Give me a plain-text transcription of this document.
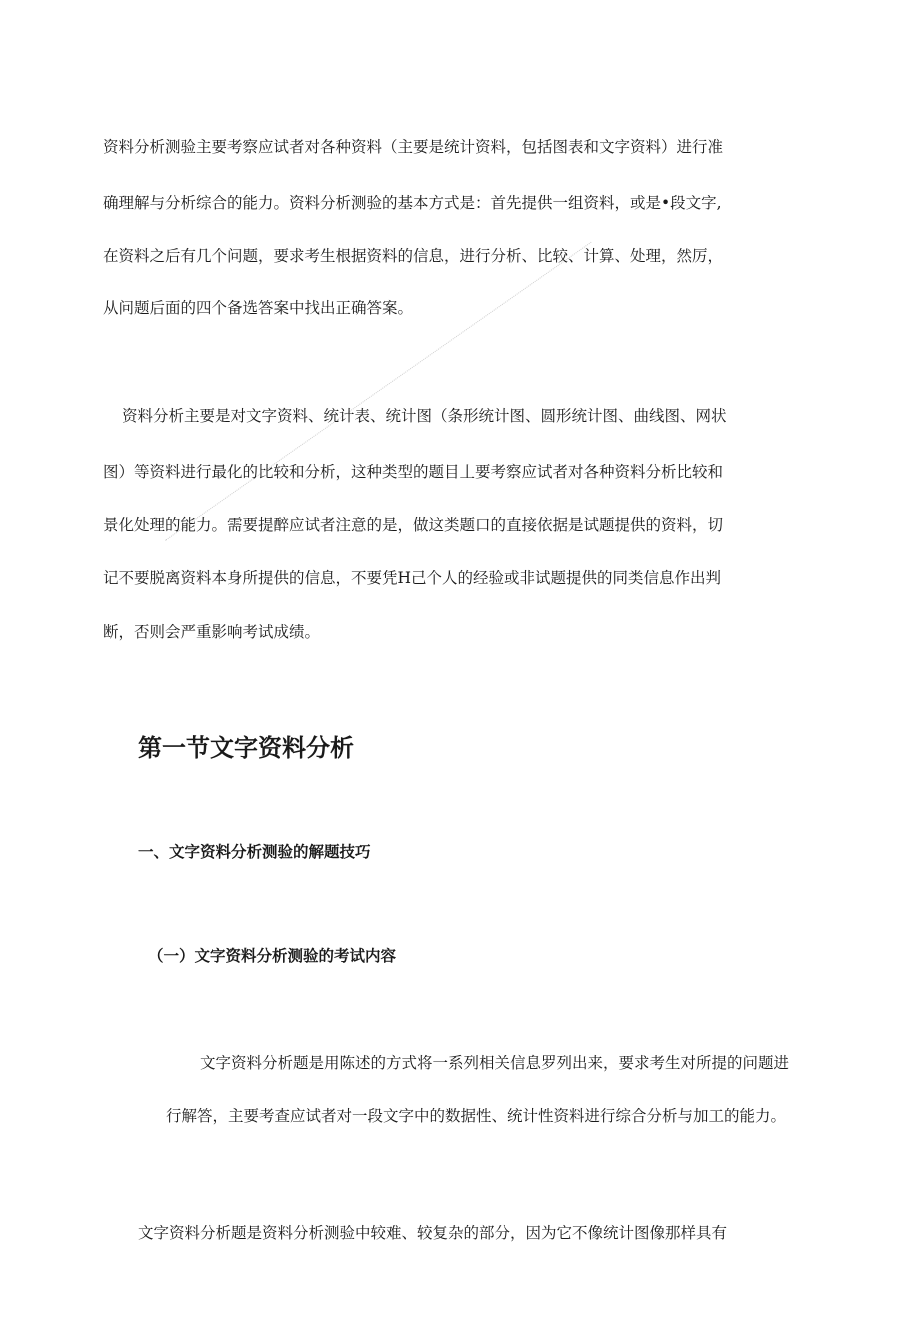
资料分析测验主要考察应试者对各种资料（主要是统计资料，包括图表和文字资料）进行准

确理解与分析综合的能力。资料分析测验的基本方式是：首先提供一组资料，或是•段文字,

在资料之后有几个问题，要求考生根据资料的信息，进行分析、比较、计算、处理，然厉，

从问题后面的四个备选答案中找出正确答案。

资料分析主要是对文字资料、统计表、统计图（条形统计图、圆形统计图、曲线图、网状

图）等资料进行最化的比较和分析，这种类型的题目丄要考察应试者对各种资料分析比较和

景化处理的能力。需要提醉应试者注意的是，做这类题口的直接依据是试题提供的资料，切

记不要脱离资料本身所提供的信息，不要凭H己个人的经验或非试题提供的同类信息作出判

断，否则会严重影响考试成绩。

第一节文字资料分析
一、文字资料分析测验的解题技巧
（一）文字资料分析测验的考试内容

文字资料分析题是用陈述的方式将一系列相关信息罗列出来，要求考生对所提的问题进

行解答，主要考查应试者对一段文字中的数据性、统计性资料进行综合分析与加工的能力。

文字资料分析题是资料分析测验中较难、较复杂的部分，因为它不像统计图像那样具有
